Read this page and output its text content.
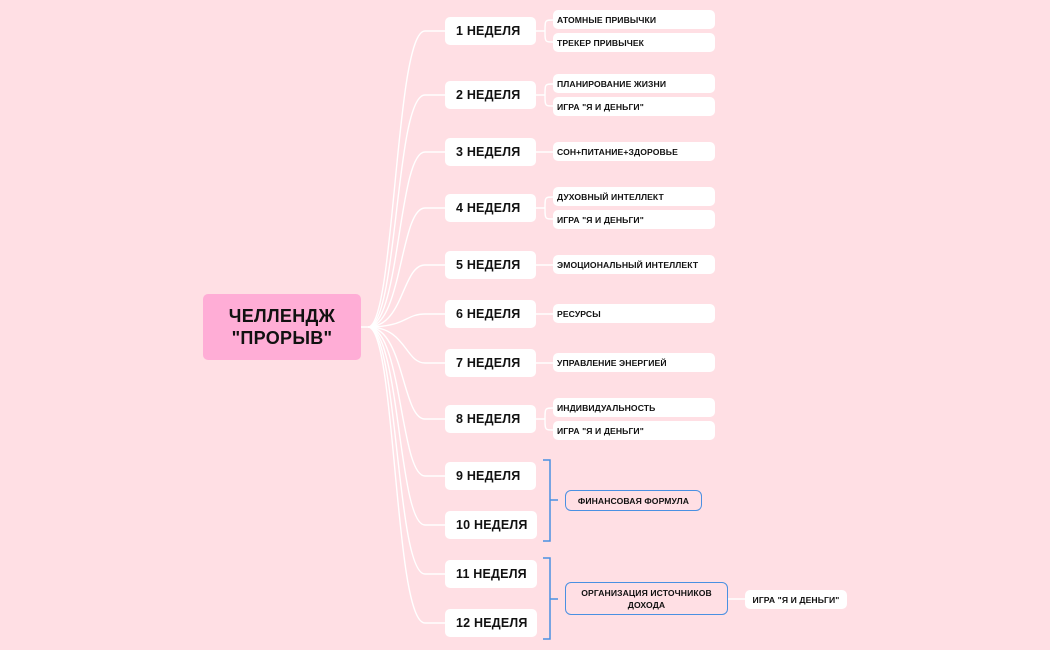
ЧЕЛЛЕНДЖ
"ПРОРЫВ"
1 НЕДЕЛЯ
2 НЕДЕЛЯ
3 НЕДЕЛЯ
4 НЕДЕЛЯ
5 НЕДЕЛЯ
6 НЕДЕЛЯ
7 НЕДЕЛЯ
8 НЕДЕЛЯ
9 НЕДЕЛЯ
10 НЕДЕЛЯ
11 НЕДЕЛЯ
12 НЕДЕЛЯ
АТОМНЫЕ ПРИВЫЧКИ
ТРЕКЕР ПРИВЫЧЕК
ПЛАНИРОВАНИЕ ЖИЗНИ
ИГРА "Я И ДЕНЬГИ"
СОН+ПИТАНИЕ+ЗДОРОВЬЕ
ДУХОВНЫЙ ИНТЕЛЛЕКТ
ИГРА "Я И ДЕНЬГИ"
ЭМОЦИОНАЛЬНЫЙ ИНТЕЛЛЕКТ
РЕСУРСЫ
УПРАВЛЕНИЕ ЭНЕРГИЕЙ
ИНДИВИДУАЛЬНОСТЬ
ИГРА "Я И ДЕНЬГИ"
ФИНАНСОВАЯ ФОРМУЛА
ОРГАНИЗАЦИЯ ИСТОЧНИКОВ
ДОХОДА	ИГРА "Я И ДЕНЬГИ"
